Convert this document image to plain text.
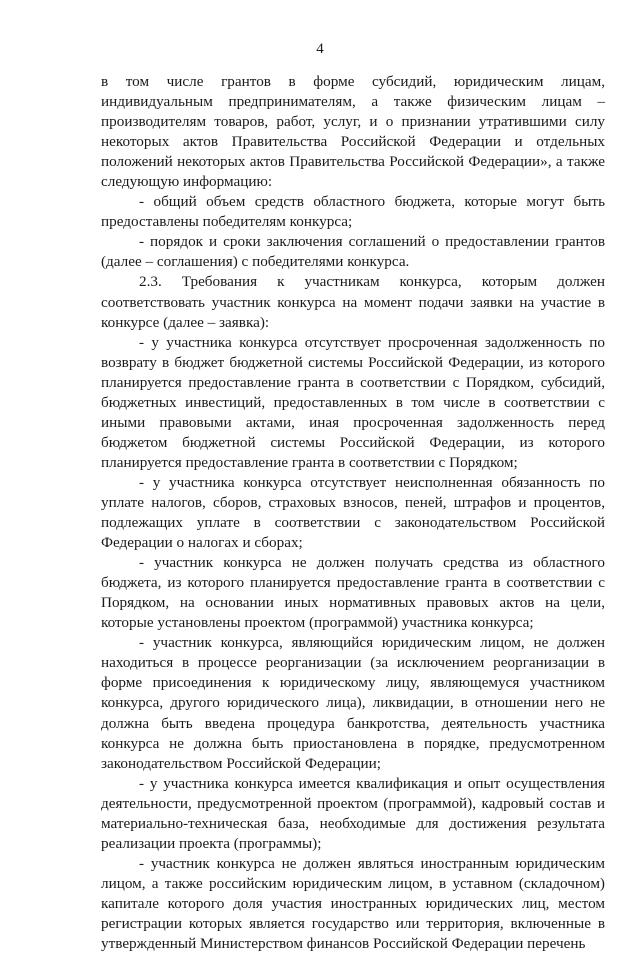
4

в том числе грантов в форме субсидий, юридическим лицам, индивидуальным предпринимателям, а также физическим лицам – производителям товаров, работ, услуг, и о признании утратившими силу некоторых актов Правительства Российской Федерации и отдельных положений некоторых актов Правительства Российской Федерации», а также следующую информацию:

- общий объем средств областного бюджета, которые могут быть предоставлены победителям конкурса;

- порядок и сроки заключения соглашений о предоставлении грантов (далее – соглашения) с победителями конкурса.

2.3. Требования к участникам конкурса, которым должен соответствовать участник конкурса на момент подачи заявки на участие в конкурсе (далее – заявка):

- у участника конкурса отсутствует просроченная задолженность по возврату в бюджет бюджетной системы Российской Федерации, из которого планируется предоставление гранта в соответствии с Порядком, субсидий, бюджетных инвестиций, предоставленных в том числе в соответствии с иными правовыми актами, иная просроченная задолженность перед бюджетом бюджетной системы Российской Федерации, из которого планируется предоставление гранта в соответствии с Порядком;

- у участника конкурса отсутствует неисполненная обязанность по уплате налогов, сборов, страховых взносов, пеней, штрафов и процентов, подлежащих уплате в соответствии с законодательством Российской Федерации о налогах и сборах;

- участник конкурса не должен получать средства из областного бюджета, из которого планируется предоставление гранта в соответствии с Порядком, на основании иных нормативных правовых актов на цели, которые установлены проектом (программой) участника конкурса;

- участник конкурса, являющийся юридическим лицом, не должен находиться в процессе реорганизации (за исключением реорганизации в форме присоединения к юридическому лицу, являющемуся участником конкурса, другого юридического лица), ликвидации, в отношении него не должна быть введена процедура банкротства, деятельность участника конкурса не должна быть приостановлена в порядке, предусмотренном законодательством Российской Федерации;

- у участника конкурса имеется квалификация и опыт осуществления деятельности, предусмотренной проектом (программой), кадровый состав и материально-техническая база, необходимые для достижения результата реализации проекта (программы);

- участник конкурса не должен являться иностранным юридическим лицом, а также российским юридическим лицом, в уставном (складочном) капитале которого доля участия иностранных юридических лиц, местом регистрации которых является государство или территория, включенные в утвержденный Министерством финансов Российской Федерации перечень
